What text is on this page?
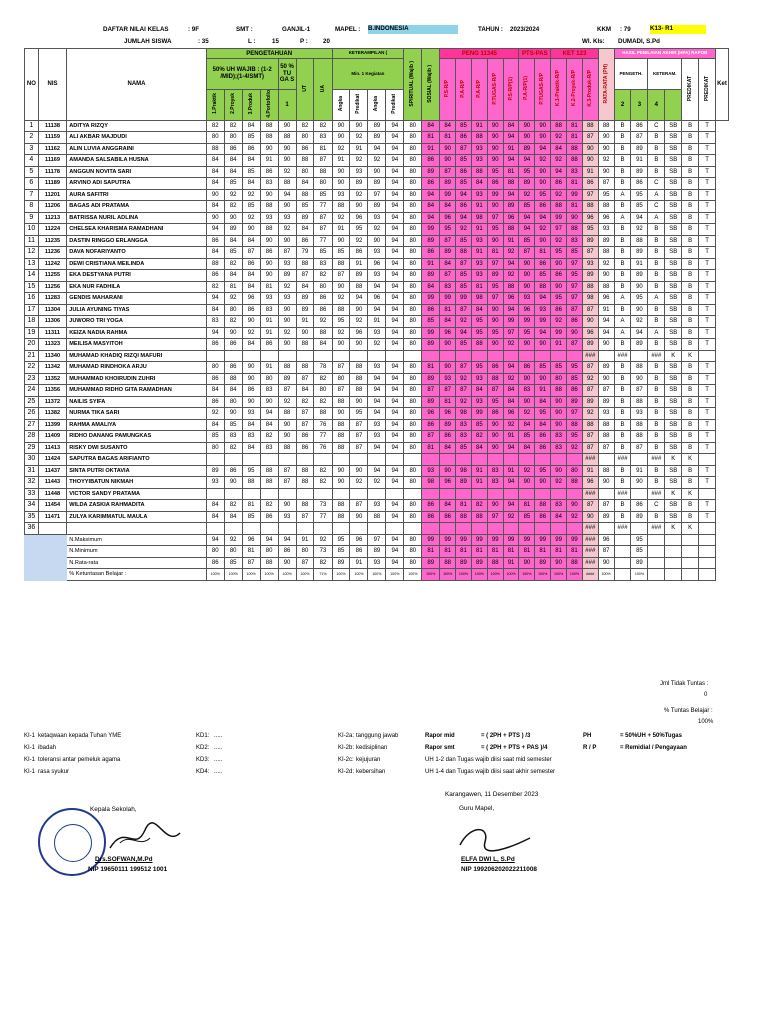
DAFTAR NILAI KELAS	: 9F	SMT :	GANJIL-1	MAPEL : B.INDONESIA	TAHUN : 2023/2024	KKM : 79	K13- R1
JUMLAH SISWA	: 35	L :	15	P : 20	Wl. Kls: DUMADI, S.Pd
NO	NIS	NAMA	PENGETAHUAN							KETERAMPILAN (				SPIRITUAL (Wajib )	SOSIAL (Wajib )	PENG 11345					PTS-PAS		KET 123			RATA-RATA (PH)	HASIL PENILAIAN AKHIR (HPA) RAPOR						Ket
			50% UH WAJIB : (1-2 /MID);(1-4/SMT)				50 % TU GA S	UT	UA	Min. 1 Kegiatan						P.S-R/P	P.A-R/P	P.A-R/P	P.TUGAS-R/P	P.S-R/P(1)	P.A-R/P(1)	P.TUGAS-R/P	K.1-Praktik-R/P	K.2-Proyek-R/P	K.3-Produk-R/P		PENGETH.		KETERAM.		PREDIKAT	PREDIKAT	
			1.Praktik	2.Proyek	3.Produk	4.Portofolio				Angka	Predikat	Angka	Predikat																				
							1																				2	3	4				
1	11138	ADITYA RIZQY	82	82	84	88	90	82	82	90	90	89	94	80	84	84	85	91	90	84	90	90	88	81	88	88	B	86	C	SB	B	T	
2	11159	ALI AKBAR MAJDUDI	80	80	85	88	88	80	83	90	92	89	94	80	81	81	86	88	90	94	90	90	92	81	87	90	B	87	B	SB	B	T	
3	11162	ALIN LUVIA ANGGRAINI	88	86	86	90	90	86	81	92	91	94	94	80	91	90	87	93	90	91	89	94	84	88	90	90	B	89	B	SB	B	T	
4	11169	AMANDA SALSABILA HUSNA	84	84	84	91	90	88	87	91	92	92	94	80	86	90	85	93	90	94	94	92	92	88	90	92	B	91	B	SB	B	T	
5	11178	ANGGUN NOVITA SARI	84	84	85	86	92	80	88	90	93	90	94	80	89	87	86	88	95	81	95	90	94	83	91	90	B	89	B	SB	B	T	
6	11189	ARVINO ADI SAPUTRA	84	85	84	83	88	84	80	90	89	89	94	80	86	89	85	84	86	88	89	90	86	81	86	87	B	86	C	SB	B	T	
7	11201	AURA SAFITRI	90	92	92	90	94	88	85	93	92	97	94	80	94	99	94	93	99	94	92	95	92	99	97	95	A	95	A	SB	B	T	
8	11206	BAGAS ADI PRATAMA	84	82	85	88	90	85	77	88	90	89	94	80	84	84	86	91	90	89	85	86	88	81	88	88	B	85	C	SB	B	T	
9	11213	BATRISSA NURIL ADLINA	90	90	92	93	93	89	87	92	96	93	94	80	94	96	94	98	97	96	94	94	99	90	96	96	A	94	A	SB	B	T	
10	11224	CHELSEA KHARISMA RAMADHANI	94	89	90	88	92	84	87	91	95	92	94	80	99	95	92	91	95	88	94	92	97	88	95	93	B	92	B	SB	B	T	
11	11235	DASTIN RINGGO ERLANGGA	86	84	84	90	90	86	77	90	92	90	94	80	89	87	85	93	90	91	85	90	92	83	89	89	B	88	B	SB	B	T	
12	11236	DAVA NOFARIYANTO	84	85	87	86	87	79	85	85	86	93	94	80	86	89	88	91	81	92	87	81	95	85	87	88	B	89	B	SB	B	T	
13	11242	DEWI CRISTIANA MEILINDA	88	82	86	90	93	88	83	88	91	96	94	80	91	84	87	93	97	94	90	86	90	97	93	92	B	91	B	SB	B	T	
14	11255	EKA DESTYANA PUTRI	86	84	84	90	89	87	82	87	89	93	94	80	89	87	85	93	89	92	90	85	86	95	89	90	B	89	B	SB	B	T	
15	11256	EKA NUR FADHILA	82	81	84	81	92	84	80	90	88	94	94	80	84	83	85	81	95	88	90	88	90	97	88	88	B	90	B	SB	B	T	
16	11283	GENDIS MAHARANI	94	92	96	93	93	89	86	92	94	96	94	80	99	99	99	98	97	96	93	94	95	97	98	96	A	95	A	SB	B	T	
17	11304	JULIA AYUNING TIYAS	84	80	86	83	90	89	86	88	90	94	94	80	86	81	87	84	90	94	96	93	86	87	87	91	B	90	B	SB	B	T	
18	11306	JUWORO TRI YOGA	83	82	90	91	90	91	92	95	92	91	94	80	85	84	92	95	90	99	99	99	92	86	90	94	A	92	B	SB	B	T	
19	11311	KEIZA NADIA RAHMA	94	90	92	91	92	90	88	92	96	93	94	80	99	96	94	95	95	97	95	94	99	90	96	94	A	94	A	SB	B	T	
20	11323	MEILISA MASYITOH	86	86	84	86	90	88	84	90	90	92	94	80	89	90	85	88	90	92	90	90	91	87	89	90	B	89	B	SB	B	T	
21	11340	MUHAMAD KHADIQ RIZQI MAFURI																							###		###		###	K	K		
22	11342	MUHAMAD RINDHOKA ARJU	80	86	90	91	88	88	78	87	88	93	94	80	81	90	87	95	86	94	86	85	85	95	87	89	B	88	B	SB	B	T	
23	11352	MUHAMMAD KHOIRUDIN ZUHRI	86	88	90	80	89	87	82	80	88	94	94	80	89	93	92	93	88	92	90	90	80	85	92	90	B	90	B	SB	B	T	
24	11356	MUHAMMAD RIDHO GITA RAMADHAN	84	84	86	83	87	84	80	87	88	94	94	80	87	87	87	84	87	84	83	91	88	86	87	87	B	87	B	SB	B	T	
25	11372	NAILIS SYIFA	86	80	90	90	92	82	82	88	90	94	94	80	89	81	92	93	95	84	90	84	90	89	89	89	B	88	B	SB	B	T	
26	11382	NURMA TIKA SARI	92	90	93	94	88	87	88	90	95	94	94	80	96	96	98	99	86	96	92	95	90	97	92	93	B	93	B	SB	B	T	
27	11399	RAHMA AMALIYA	84	85	84	84	90	87	76	88	87	93	94	80	86	89	83	85	90	92	84	84	90	88	88	88	B	88	B	SB	B	T	
28	11409	RIDHO DANANG PAMUNGKAS	85	83	83	82	90	86	77	88	87	93	94	80	87	86	83	82	90	91	85	86	83	95	87	88	B	88	B	SB	B	T	
29	11413	RISKY DWI SUSANTO	80	82	84	83	88	86	76	88	87	94	94	80	81	84	85	84	90	94	84	86	83	92	87	87	B	87	B	SB	B	T	
30	11424	SAPUTRA BAGAS ARIFIANTO																							###		###		###	K	K		
31	11437	SINTA PUTRI OKTAVIA	89	86	95	88	87	88	82	90	90	94	94	80	93	90	98	91	83	91	92	95	90	80	91	88	B	91	B	SB	B	T	
32	11443	THOYYIBATUN NIKMAH	93	90	88	88	87	88	82	90	92	92	94	80	98	96	89	91	83	94	90	90	92	88	96	90	B	90	B	SB	B	T	
33	11448	VICTOR SANDY PRATAMA																							###		###		###	K	K		
34	11454	WILDA ZASKIA RAHMADITA	84	82	81	82	90	88	73	88	87	93	94	80	86	84	81	82	90	94	81	88	83	90	87	87	B	86	C	SB	B	T	
35	11471	ZULYA KARIMMATUL MAULA	84	84	85	86	93	87	77	88	90	88	94	80	86	86	88	88	97	92	85	86	84	92	90	89	B	89	B	SB	B	T	
36																									###		###		###	K	K		
		N.Maksimum	94	92	96	94	94	91	92	95	96	97	94	80	99	99	99	99	99	99	99	99	99	99	###	96		95					
		N.Minimum	80	80	81	80	86	80	73	85	86	89	94	80	81	81	81	81	81	81	81	81	81	81	###	87		85					
		N.Rata-rata	86	85	87	88	90	87	82	89	91	93	94	80	89	88	89	89	88	91	90	89	90	88	###	90		89					
		% Ketuntasan Belajar :	100%	100%	100%	100%	100%	100%	71%	100%	100%	100%	100%	100%	100%	100%	100%	100%	100%	100%	100%	100%	100%	100%	####	100%		100%					
Jml Tidak Tuntas :
0
% Tuntas Belajar :
100%
KI-1 ketaqwaan kepada Tuhan YME	KD1: .....
KI-1 ibadah	KD2: .....
KI-1 toleransi antar pemeluk agama	KD3: .....
KI-1 rasa syukur	KD4: .....
KI-2a: tanggung jawab
KI-2b: kedisiplinan
KI-2c: kejujuran
KI-2d: kebersihan
Rapor mid	= ( 2PH + PTS ) /3
Rapor smt	= ( 2PH + PTS + PAS )/4
UH 1-2 dan Tugas wajib diisi saat mid semester
UH 1-4 dan Tugas wajib diisi saat akhir semester
PH	= 50%UH + 50%Tugas
R / P	= Remidial / Pengayaan
Karangawen, 11 Desember 2023
Guru Mapel,
Kepala Sekolah,
Drs.SOFWAN,M.Pd
NIP 19650111 199512 1001
ELFA DWI L, S.Pd
NIP 199206202022211008
